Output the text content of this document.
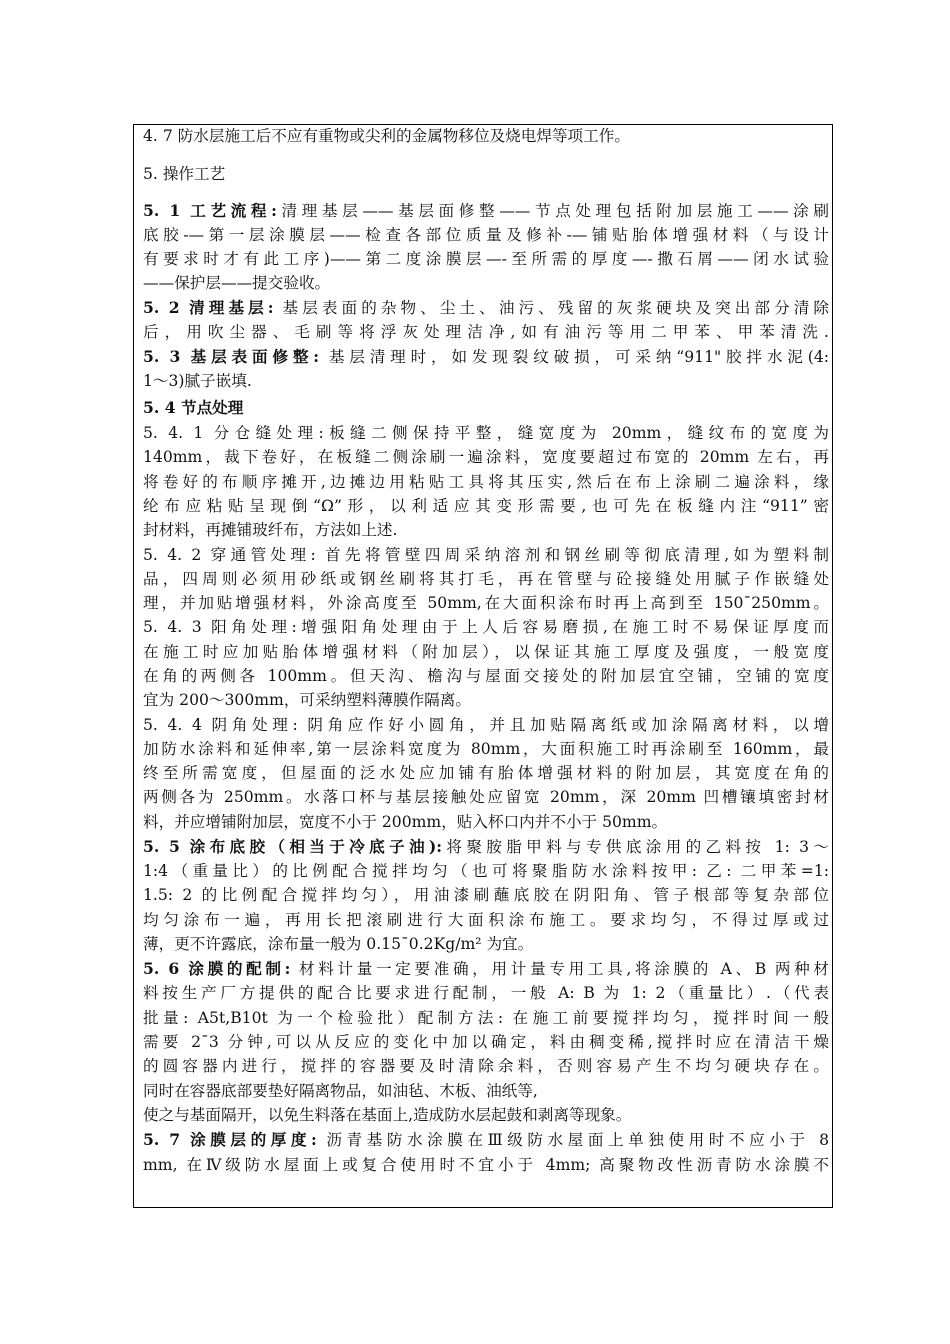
4. 7 防水层施工后不应有重物或尖利的金属物移位及烧电焊等项工作。
5. 操作工艺
5. 1 工艺流程:清理基层——基层面修整——节点处理包括附加层施工——涂刷
底胶-—第一层涂膜层——检查各部位质量及修补-—铺贴胎体增强材料（与设计
有要求时才有此工序)——第二度涂膜层—-至所需的厚度—-撒石屑——闭水试验
——保护层——提交验收。
5. 2 清理基层: 基层表面的杂物、尘土、油污、残留的灰浆硬块及突出部分清除
后，用吹尘器、毛刷等将浮灰处理洁净,如有油污等用二甲苯、甲苯清洗.
5. 3 基层表面修整: 基层清理时，如发现裂纹破损，可采纳“911"胶拌水泥(4:
1～3)腻子嵌填.
5. 4 节点处理
5. 4. 1 分仓缝处理:板缝二侧保持平整，缝宽度为 20mm，缝纹布的宽度为
140mm，裁下卷好，在板缝二侧涂刷一遍涂料，宽度要超过布宽的 20mm 左右，再
将卷好的布顺序摊开,边摊边用粘贴工具将其压实,然后在布上涂刷二遍涂料，缘
纶布应粘贴呈现倒“Ω”形，以利适应其变形需要,也可先在板缝内注“911”密
封材料，再摊铺玻纤布，方法如上述.
5. 4. 2 穿通管处理: 首先将管壁四周采纳溶剂和钢丝刷等彻底清理,如为塑料制
品，四周则必须用砂纸或钢丝刷将其打毛，再在管壁与砼接缝处用腻子作嵌缝处
理，并加贴增强材料，外涂高度至 50mm,在大面积涂布时再上高到至 150¯250mm。
5. 4. 3 阳角处理:增强阳角处理由于上人后容易磨损,在施工时不易保证厚度而
在施工时应加贴胎体增强材料（附加层），以保证其施工厚度及强度，一般宽度
在角的两侧各 100mm。但天沟、檐沟与屋面交接处的附加层宜空铺，空铺的宽度
宜为 200～300mm，可采纳塑料薄膜作隔离。
5. 4. 4 阴角处理: 阴角应作好小圆角，并且加贴隔离纸或加涂隔离材料，以增
加防水涂料和延伸率,第一层涂料宽度为 80mm，大面积施工时再涂刷至 160mm，最
终至所需宽度，但屋面的泛水处应加铺有胎体增强材料的附加层，其宽度在角的
两侧各为 250mm。水落口杯与基层接触处应留宽 20mm，深 20mm 凹槽镶填密封材
料，并应增铺附加层，宽度不小于 200mm，贴入杯口内并不小于 50mm。
5. 5 涂布底胶（相当于冷底子油):将聚胺脂甲料与专供底涂用的乙料按 1: 3～
1:4（重量比）的比例配合搅拌均匀（也可将聚脂防水涂料按甲: 乙: 二甲苯=1:
1.5: 2 的比例配合搅拌均匀），用油漆刷蘸底胶在阴阳角、管子根部等复杂部位
均匀涂布一遍，再用长把滚刷进行大面积涂布施工。要求均匀，不得过厚或过
薄，更不许露底，涂布量一般为 0.15¯0.2Kg/m² 为宜。
5. 6 涂膜的配制: 材料计量一定要准确，用计量专用工具,将涂膜的 A、B 两种材
料按生产厂方提供的配合比要求进行配制，一般 A: B 为 1: 2（重量比）.（代表
批量: A5t,B10t 为一个检验批）配制方法: 在施工前要搅拌均匀，搅拌时间一般
需要 2¯3 分钟,可以从反应的变化中加以确定，料由稠变稀,搅拌时应在清洁干燥
的圆容器内进行，搅拌的容器要及时清除余料，否则容易产生不均匀硬块存在。
同时在容器底部要垫好隔离物品，如油毡、木板、油纸等,
使之与基面隔开，以免生料落在基面上,造成防水层起鼓和剥离等现象。
5. 7 涂膜层的厚度: 沥青基防水涂膜在Ⅲ级防水屋面上单独使用时不应小于 8
mm, 在Ⅳ级防水屋面上或复合使用时不宜小于 4mm; 高聚物改性沥青防水涂膜不
